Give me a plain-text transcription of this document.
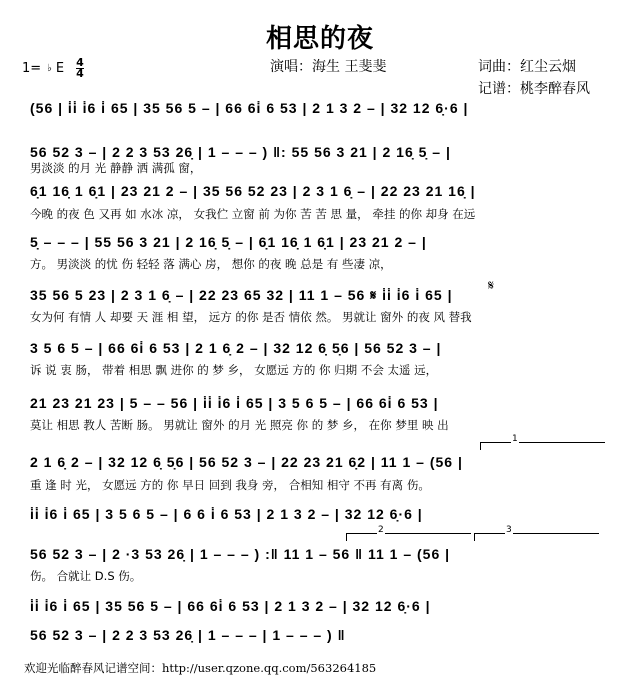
相思的夜
1= ♭ E 4
4	演唱：海生 王斐斐	词曲：红尘云烟
记谱：桃李醉春风
(56 | i̇i̇ i̇6 i̇ 65 | 35 56 5 – | 66 6i̇ 6 53 | 2 1 3 2 – | 32 12 6̣·6 |
56 52 3 – | 2 2 3 53 26̣ | 1 – – – ) ‖: 55 56 3 21 | 2 16̣ 5̣ – |
男淡淡 的月 光 静静 洒 满孤 窗，
6̣1 16̣ 1 6̣1 | 23 21 2 – | 35 56 52 23 | 2 3 1 6̣ – | 22 23 21 16̣ |
今晚 的夜 色 又再 如 水冰 凉， 女我伫 立窗 前 为你 苦 苦 思 量， 牵挂 的你 却身 在远
5̣ – – – | 55 56 3 21 | 2 16̣ 5̣ – | 6̣1 16̣ 1 6̣1 | 23 21 2 – |
方。 男淡淡 的忧 伤 轻轻 落 满心 房， 想你 的夜 晚 总是 有 些凄 凉，
𝄋
35 56 5 23 | 2 3 1 6̣ – | 22 23 65 32 | 11 1 – 56 𝄋 i̇i̇ i̇6 i̇ 65 |
女为何 有情 人 却要 天 涯 相 望， 远方 的你 是否 情依 然。 男就让 窗外 的夜 风 替我
3 5 6 5 – | 66 6i̇ 6 53 | 2 1 6̣ 2 – | 32 12 6̣ 5̣6 | 56 52 3 – |
诉 说 衷 肠， 带着 相思 飘 进你 的 梦 乡， 女愿远 方的 你 归期 不会 太遥 远，
21 23 21 23 | 5 – – 56 | i̇i̇ i̇6 i̇ 65 | 3 5 6 5 – | 66 6i̇ 6 53 |
莫让 相思 教人 苦断 肠。 男就让 窗外 的月 光 照亮 你 的 梦 乡， 在你 梦里 映 出
1
2 1 6̣ 2 – | 32 12 6̣ 5̣6 | 56 52 3 – | 22 23 21 6̣2 | 11 1 – (56 |
重 逢 时 光， 女愿远 方的 你 早日 回到 我身 旁， 合相知 相守 不再 有离 伤。
i̇i̇ i̇6 i̇ 65 | 3 5 6 5 – | 6 6 i̇ 6 53 | 2 1 3 2 – | 32 12 6̣·6 |
2	3
56 52 3 – | 2 ·3 53 26̣ | 1 – – – ) :‖ 11 1 – 56 ‖ 11 1 – (56 |
伤。 合就让 D.S 伤。
i̇i̇ i̇6 i̇ 65 | 35 56 5 – | 66 6i̇ 6 53 | 2 1 3 2 – | 32 12 6̣·6 |
56 52 3 – | 2 2 3 53 26̣ | 1 – – – | 1 – – – ) ‖
欢迎光临醉春风记谱空间：http://user.qzone.qq.com/563264185
